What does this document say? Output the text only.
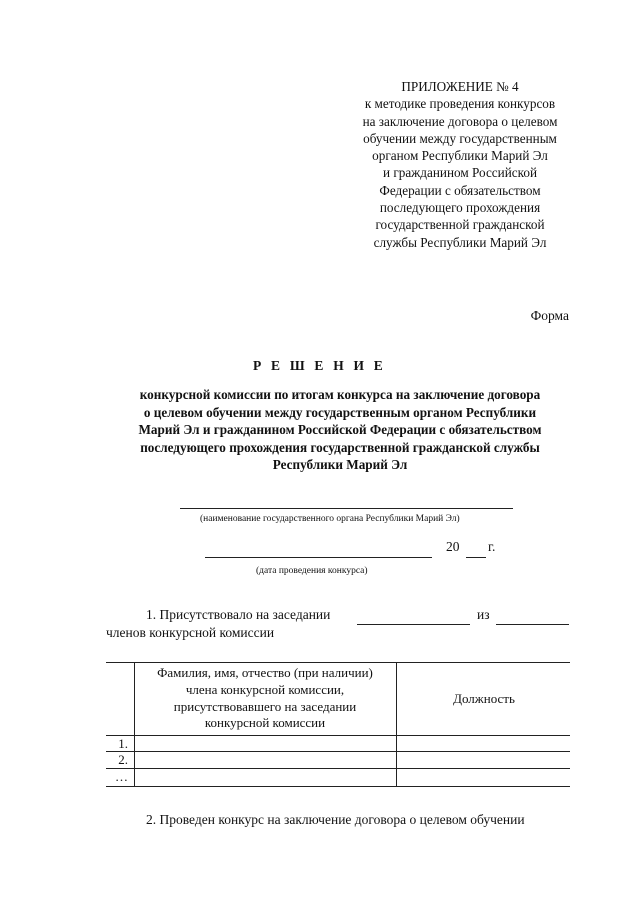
ПРИЛОЖЕНИЕ № 4
к методике проведения конкурсов
на заключение договора о целевом
обучении между государственным
органом Республики Марий Эл
и гражданином Российской
Федерации с обязательством
последующего прохождения
государственной гражданской
службы Республики Марий Эл
Форма
Р Е Ш Е Н И Е
конкурсной комиссии по итогам конкурса на заключение договора
о целевом обучении между государственным органом Республики
Марий Эл и гражданином Российской Федерации с обязательством
последующего прохождения государственной гражданской службы
Республики Марий Эл
(наименование государственного органа Республики Марий Эл)
20 г.
(дата проведения конкурса)
1. Присутствовало на заседании	из
членов конкурсной комиссии
Фамилия, имя, отчество (при наличии)
члена конкурсной комиссии,
присутствовавшего на заседании
конкурсной комиссии
Должность
1.
2.
…
2. Проведен конкурс на заключение договора о целевом обучении
